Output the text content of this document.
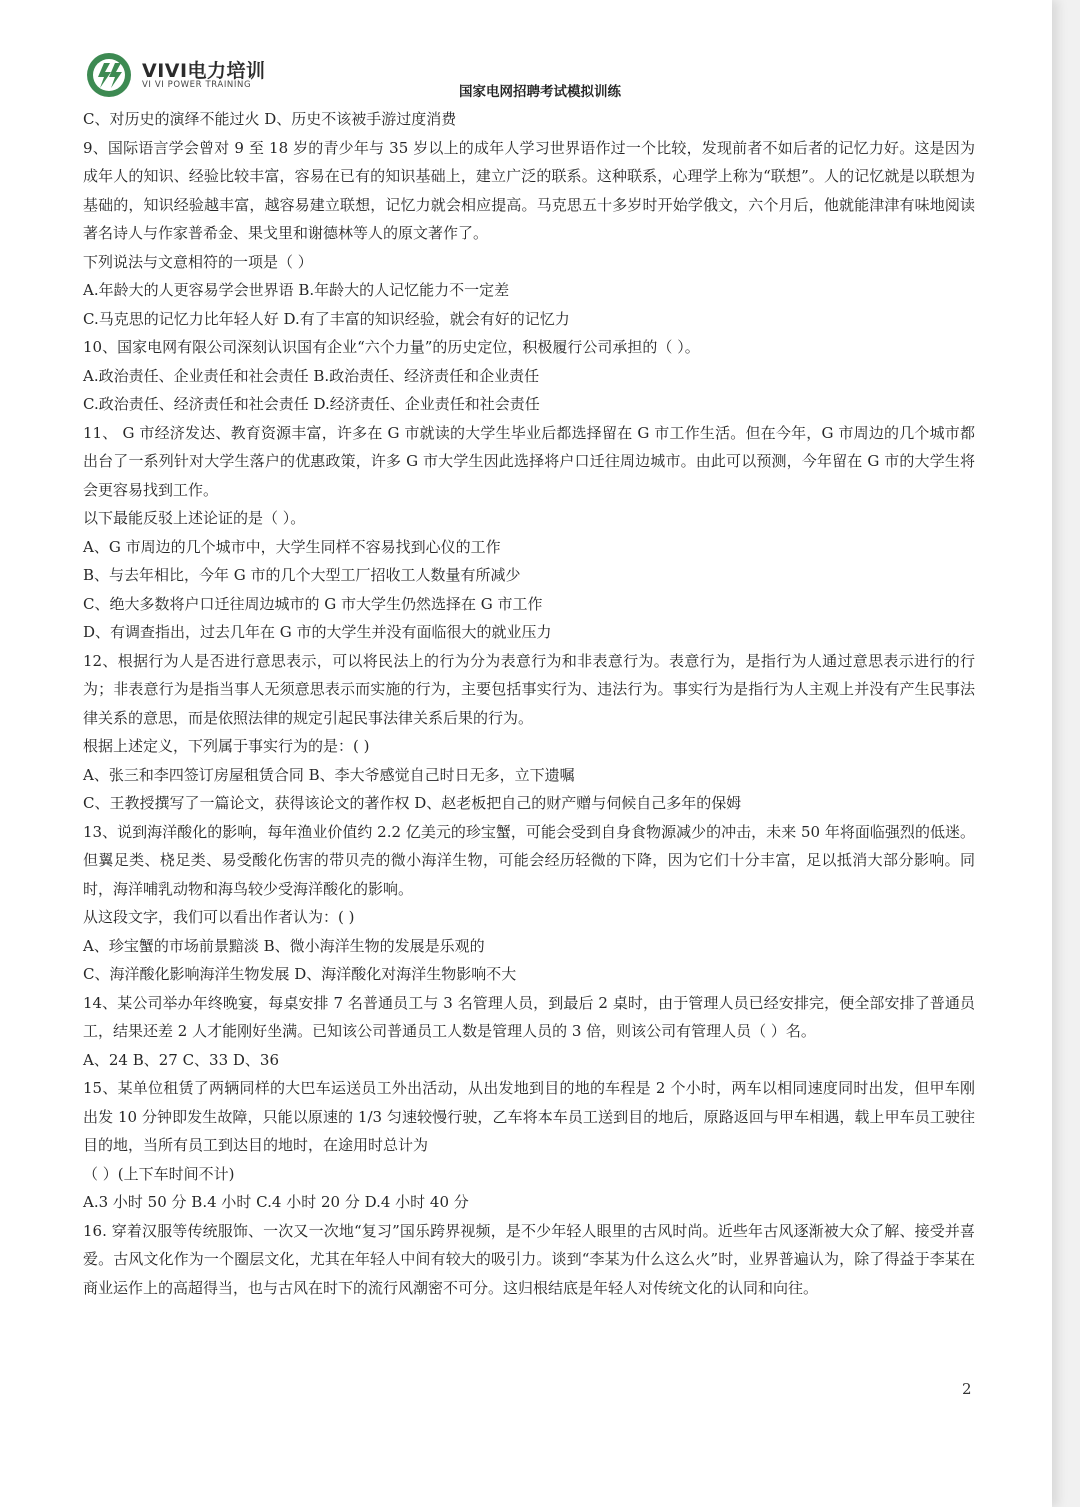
VIVI电力培训
VI VI POWER TRAINING	国家电网招聘考试模拟训练

C、对历史的演绎不能过火 D、历史不该被手游过度消费

9、国际语言学会曾对 9 至 18 岁的青少年与 35 岁以上的成年人学习世界语作过一个比较，发现前者不如后者的记忆力好。这是因为成年人的知识、经验比较丰富，容易在已有的知识基础上，建立广泛的联系。这种联系，心理学上称为“联想”。人的记忆就是以联想为基础的，知识经验越丰富，越容易建立联想，记忆力就会相应提高。马克思五十多岁时开始学俄文，六个月后，他就能津津有味地阅读著名诗人与作家普希金、果戈里和谢德林等人的原文著作了。

下列说法与文意相符的一项是（ ）

A.年龄大的人更容易学会世界语 B.年龄大的人记忆能力不一定差

C.马克思的记忆力比年轻人好 D.有了丰富的知识经验，就会有好的记忆力

10、国家电网有限公司深刻认识国有企业“六个力量”的历史定位，积极履行公司承担的（ ）。

A.政治责任、企业责任和社会责任 B.政治责任、经济责任和企业责任

C.政治责任、经济责任和社会责任 D.经济责任、企业责任和社会责任

11、 G 市经济发达、教育资源丰富，许多在 G 市就读的大学生毕业后都选择留在 G 市工作生活。但在今年，G 市周边的几个城市都出台了一系列针对大学生落户的优惠政策，许多 G 市大学生因此选择将户口迁往周边城市。由此可以预测，今年留在 G 市的大学生将会更容易找到工作。

以下最能反驳上述论证的是（ ）。

A、G 市周边的几个城市中，大学生同样不容易找到心仪的工作

B、与去年相比，今年 G 市的几个大型工厂招收工人数量有所减少

C、绝大多数将户口迁往周边城市的 G 市大学生仍然选择在 G 市工作

D、有调查指出，过去几年在 G 市的大学生并没有面临很大的就业压力

12、根据行为人是否进行意思表示，可以将民法上的行为分为表意行为和非表意行为。表意行为，是指行为人通过意思表示进行的行为；非表意行为是指当事人无须意思表示而实施的行为，主要包括事实行为、违法行为。事实行为是指行为人主观上并没有产生民事法律关系的意思，而是依照法律的规定引起民事法律关系后果的行为。

根据上述定义，下列属于事实行为的是：( )

A、张三和李四签订房屋租赁合同 B、李大爷感觉自己时日无多，立下遗嘱

C、王教授撰写了一篇论文，获得该论文的著作权 D、赵老板把自己的财产赠与伺候自己多年的保姆

13、说到海洋酸化的影响，每年渔业价值约 2.2 亿美元的珍宝蟹，可能会受到自身食物源减少的冲击，未来 50 年将面临强烈的低迷。但翼足类、桡足类、易受酸化伤害的带贝壳的微小海洋生物，可能会经历轻微的下降，因为它们十分丰富，足以抵消大部分影响。同时，海洋哺乳动物和海鸟较少受海洋酸化的影响。

从这段文字，我们可以看出作者认为：( )

A、珍宝蟹的市场前景黯淡 B、微小海洋生物的发展是乐观的

C、海洋酸化影响海洋生物发展 D、海洋酸化对海洋生物影响不大

14、某公司举办年终晚宴，每桌安排 7 名普通员工与 3 名管理人员，到最后 2 桌时，由于管理人员已经安排完，便全部安排了普通员工，结果还差 2 人才能刚好坐满。已知该公司普通员工人数是管理人员的 3 倍，则该公司有管理人员（ ）名。

A、24 B、27 C、33 D、36

15、某单位租赁了两辆同样的大巴车运送员工外出活动，从出发地到目的地的车程是 2 个小时，两车以相同速度同时出发，但甲车刚出发 10 分钟即发生故障，只能以原速的 1/3 匀速较慢行驶，乙车将本车员工送到目的地后，原路返回与甲车相遇，载上甲车员工驶往目的地，当所有员工到达目的地时，在途用时总计为

（ ）(上下车时间不计)

A.3 小时 50 分 B.4 小时 C.4 小时 20 分 D.4 小时 40 分

16. 穿着汉服等传统服饰、一次又一次地“复习”国乐跨界视频，是不少年轻人眼里的古风时尚。近些年古风逐渐被大众了解、接受并喜爱。古风文化作为一个圈层文化，尤其在年轻人中间有较大的吸引力。谈到“李某为什么这么火”时，业界普遍认为，除了得益于李某在商业运作上的高超得当，也与古风在时下的流行风潮密不可分。这归根结底是年轻人对传统文化的认同和向往。

2
